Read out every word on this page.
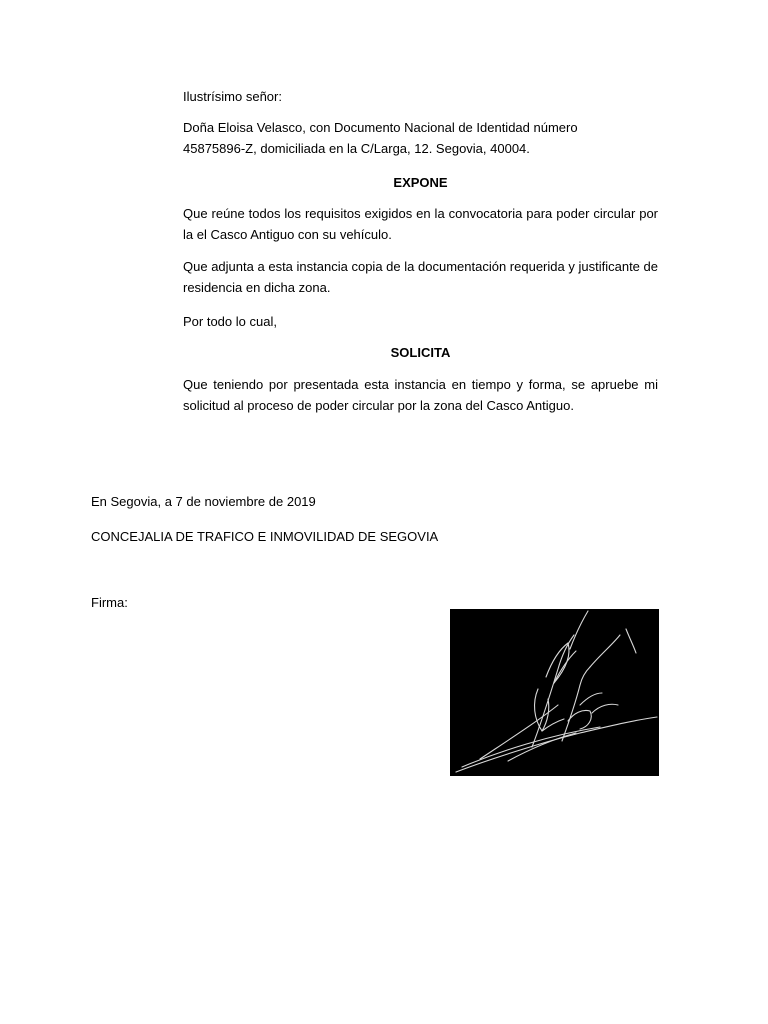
Ilustrísimo señor:

Doña Eloisa Velasco, con Documento Nacional de Identidad número
45875896-Z, domiciliada en la C/Larga, 12. Segovia, 40004.

EXPONE

Que reúne todos los requisitos exigidos en la convocatoria para poder circular por la el Casco Antiguo con su vehículo.

Que adjunta a esta instancia copia de la documentación requerida y justificante de residencia en dicha zona.

Por todo lo cual,

SOLICITA

Que teniendo por presentada esta instancia en tiempo y forma, se apruebe mi solicitud al proceso de poder circular por la zona del Casco Antiguo.

En Segovia, a 7 de noviembre de 2019

CONCEJALIA DE TRAFICO E INMOVILIDAD DE SEGOVIA

Firma:
